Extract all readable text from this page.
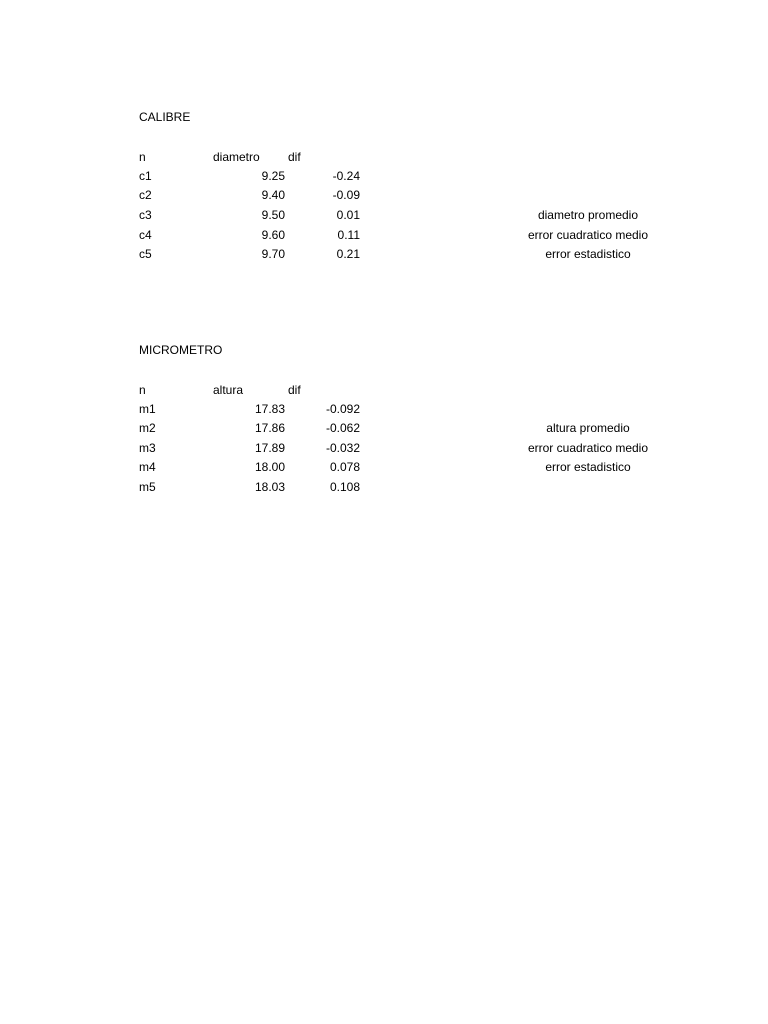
CALIBRE
n	diametro dif
c1	9.25	-0.24
c2	9.40	-0.09
c3	9.50	0.01	diametro promedio
c4	9.60	0.11	error cuadratico medio
c5	9.70	0.21	error estadistico
MICROMETRO
n	altura	dif
m1	17.83	-0.092
m2	17.86	-0.062	altura promedio
m3	17.89	-0.032	error cuadratico medio
m4	18.00	0.078	error estadistico
m5	18.03	0.108
